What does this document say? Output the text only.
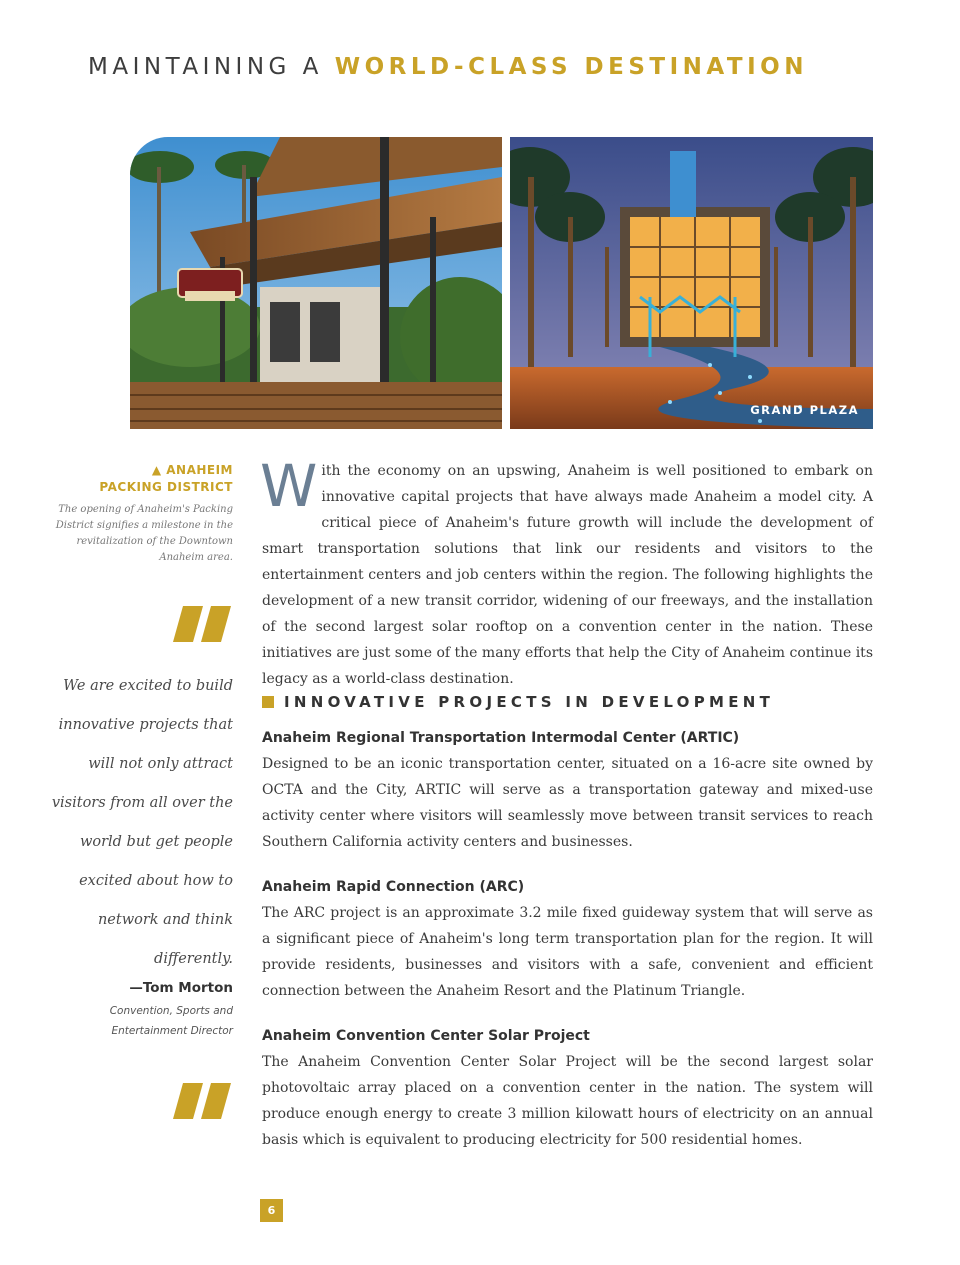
MAINTAINING A WORLD-CLASS DESTINATION
GRAND PLAZA
▲ ANAHEIM
PACKING DISTRICT
The opening of Anaheim's Packing District signifies a milestone in the revitalization of the Downtown Anaheim area.
We are excited to build innovative projects that will not only attract visitors from all over the world but get people excited about how to network and think differently.
—Tom Morton
Convention, Sports and Entertainment Director
With the economy on an upswing, Anaheim is well positioned to embark on innovative capital projects that have always made Anaheim a model city. A critical piece of Anaheim's future growth will include the development of smart transportation solutions that link our residents and visitors to the entertainment centers and job centers within the region. The following highlights the development of a new transit corridor, widening of our freeways, and the installation of the second largest solar rooftop on a convention center in the nation. These initiatives are just some of the many efforts that help the City of Anaheim continue its legacy as a world-class destination.
INNOVATIVE PROJECTS IN DEVELOPMENT
Anaheim Regional Transportation Intermodal Center (ARTIC)

Designed to be an iconic transportation center, situated on a 16-acre site owned by OCTA and the City, ARTIC will serve as a transportation gateway and mixed-use activity center where visitors will seamlessly move between transit services to reach Southern California activity centers and businesses.

Anaheim Rapid Connection (ARC)

The ARC project is an approximate 3.2 mile fixed guideway system that will serve as a significant piece of Anaheim's long term transportation plan for the region. It will provide residents, businesses and visitors with a safe, convenient and efficient connection between the Anaheim Resort and the Platinum Triangle.

Anaheim Convention Center Solar Project

The Anaheim Convention Center Solar Project will be the second largest solar photovoltaic array placed on a convention center in the nation. The system will produce enough energy to create 3 million kilowatt hours of electricity on an annual basis which is equivalent to producing electricity for 500 residential homes.

6
